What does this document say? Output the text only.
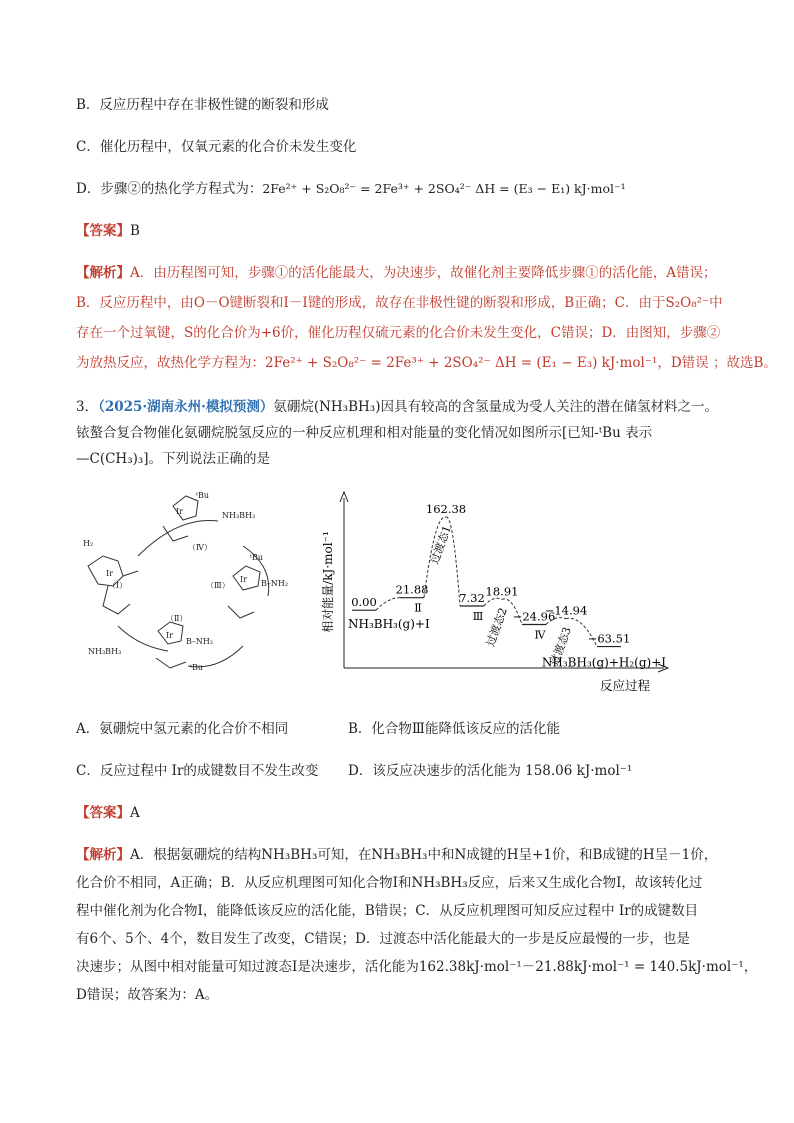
B．反应历程中存在非极性键的断裂和形成
C．催化历程中，仅氧元素的化合价未发生变化
D．步骤②的热化学方程式为：2Fe²⁺ + S₂O₈²⁻ = 2Fe³⁺ + 2SO₄²⁻ ΔH = (E₃ − E₁) kJ·mol⁻¹
【答案】B
【解析】A．由历程图可知，步骤①的活化能最大，为决速步，故催化剂主要降低步骤①的活化能，A错误；
B．反应历程中，由O－O键断裂和I－I键的形成，故存在非极性键的断裂和形成，B正确；C．由于S₂O₈²⁻中
存在一个过氧键，S的化合价为+6价，催化历程仅硫元素的化合价未发生变化，C错误；D．由图知，步骤②
为放热反应，故热化学方程为：2Fe²⁺ + S₂O₈²⁻ = 2Fe³⁺ + 2SO₄²⁻ ΔH = (E₁ − E₃) kJ·mol⁻¹，D错误 ；故选B。
3．（2025·湖南永州·模拟预测）氨硼烷(NH₃BH₃)因具有较高的含氢量成为受人关注的潜在储氢材料之一。
铱螯合复合物催化氨硼烷脱氢反应的一种反应机理和相对能量的变化情况如图所示[已知-ᵗBu 表示
—C(CH₃)₃]。下列说法正确的是
Ir
ᵗBu
（Ⅳ）
Ir
（Ⅰ）
Ir
（Ⅲ）	B–NH₂
ᵗBu
（Ⅱ）
Ir
B–NH₂
ᵗBu
NH₃BH₃
H₂
NH₃BH₃
相对能量/kJ·mol⁻¹
反应过程
0.00
21.88
Ⅱ
162.38
过渡态1
7.32
Ⅲ
18.91
过渡态2 −24.96
Ⅳ
−14.94
过渡态3 −63.51
NH₃BH₃(g)+Ⅰ
NH₃BH₃(g)+H₂(g)+Ⅰ
A．氨硼烷中氢元素的化合价不相同	B．化合物Ⅲ能降低该反应的活化能
C．反应过程中 Ir的成键数目不发生改变 D．该反应决速步的活化能为 158.06 kJ·mol⁻¹
【答案】A
【解析】A．根据氨硼烷的结构NH₃BH₃可知，在NH₃BH₃中和N成键的H呈+1价，和B成键的H呈－1价，
化合价不相同，A正确；B．从反应机理图可知化合物Ⅰ和NH₃BH₃反应，后来又生成化合物Ⅰ，故该转化过
程中催化剂为化合物Ⅰ，能降低该反应的活化能，B错误；C．从反应机理图可知反应过程中 Ir的成键数目
有6个、5个、4个，数目发生了改变，C错误；D．过渡态中活化能最大的一步是反应最慢的一步，也是
决速步；从图中相对能量可知过渡态Ⅰ是决速步，活化能为162.38kJ·mol⁻¹－21.88kJ·mol⁻¹ = 140.5kJ·mol⁻¹，
D错误；故答案为：A。
